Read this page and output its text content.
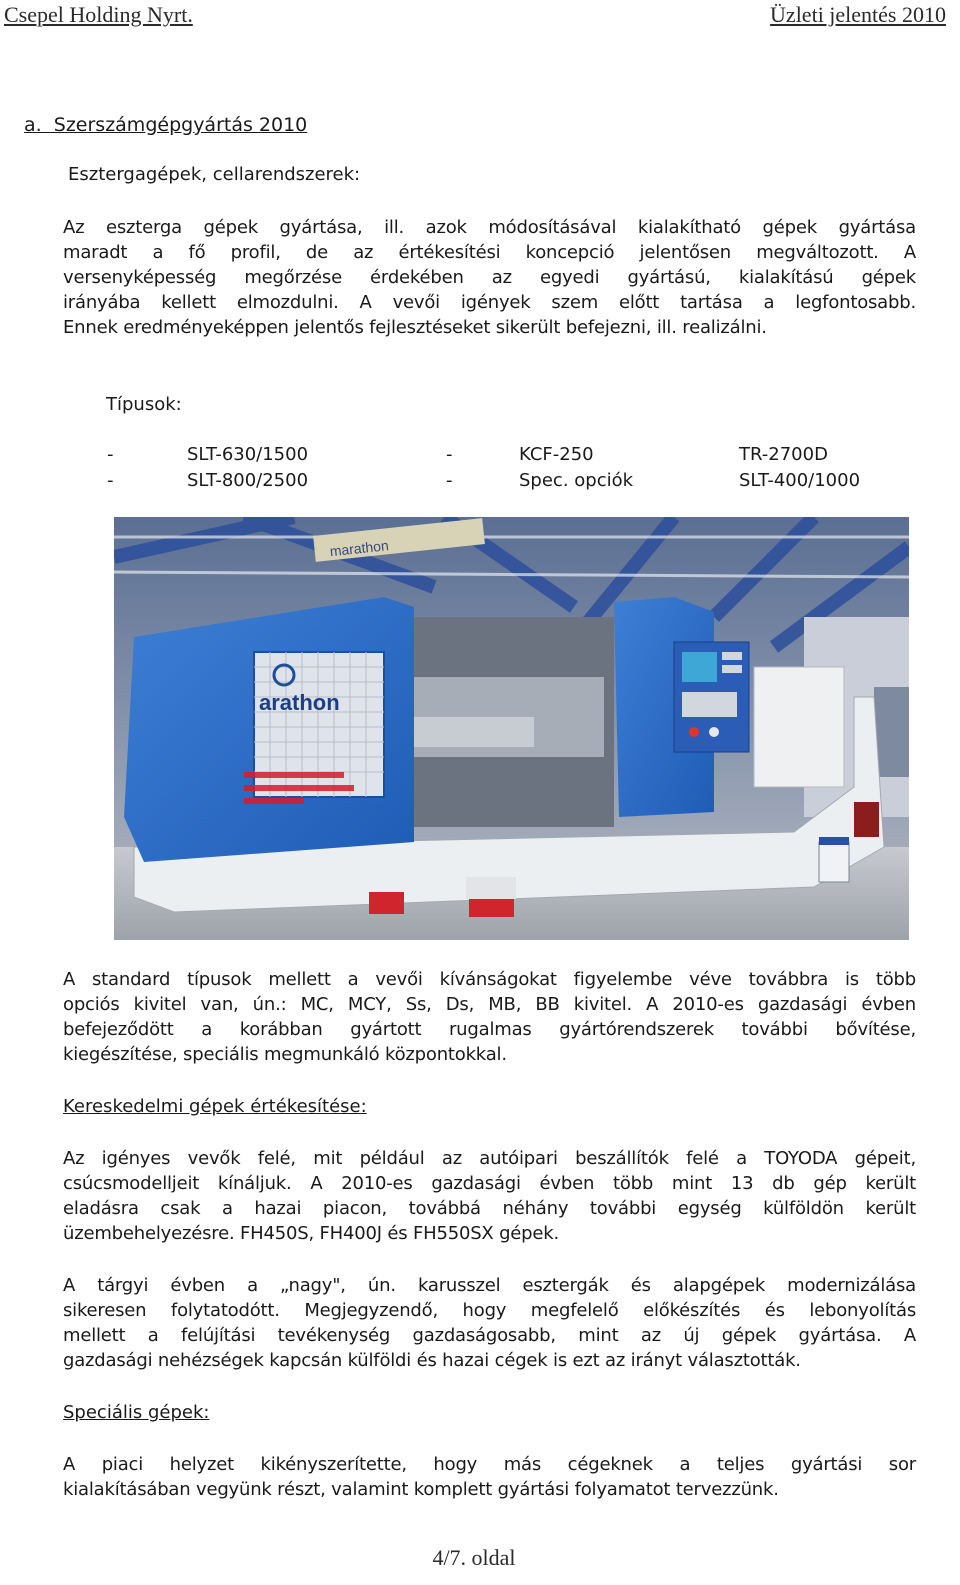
Csepel Holding Nyrt.	Üzleti jelentés 2010
a.  Szerszámgépgyártás 2010
Esztergagépek, cellarendszerek:
Az eszterga gépek gyártása, ill. azok módosításával kialakítható gépek gyártása
maradt a fő profil, de az értékesítési koncepció jelentősen megváltozott. A
versenyképesség megőrzése érdekében az egyedi gyártású, kialakítású gépek
irányába kellett elmozdulni. A vevői igények szem előtt tartása a legfontosabb.
Ennek eredményeképpen jelentős fejlesztéseket sikerült befejezni, ill. realizálni.
Típusok:
-	SLT-630/1500	-	KCF-250	TR-2700D
-	SLT-800/2500	-	Spec. opciók	SLT-400/1000
marathon
arathon
A standard típusok mellett a vevői kívánságokat figyelembe véve továbbra is több
opciós kivitel van, ún.: MC, MCY, Ss, Ds, MB, BB kivitel. A 2010-es gazdasági évben
befejeződött a korábban gyártott rugalmas gyártórendszerek további bővítése,
kiegészítése, speciális megmunkáló központokkal.
Kereskedelmi gépek értékesítése:
Az igényes vevők felé, mit például az autóipari beszállítók felé a TOYODA gépeit,
csúcsmodelljeit kínáljuk. A 2010-es gazdasági évben több mint 13 db gép került
eladásra csak a hazai piacon, továbbá néhány további egység külföldön került
üzembehelyezésre. FH450S, FH400J és FH550SX gépek.
A tárgyi évben a „nagy", ún. karusszel esztergák és alapgépek modernizálása
sikeresen folytatodótt. Megjegyzendő, hogy megfelelő előkészítés és lebonyolítás
mellett a felújítási tevékenység gazdaságosabb, mint az új gépek gyártása. A
gazdasági nehézségek kapcsán külföldi és hazai cégek is ezt az irányt választották.
Speciális gépek:
A piaci helyzet kikényszerítette, hogy más cégeknek a teljes gyártási sor
kialakításában vegyünk részt, valamint komplett gyártási folyamatot tervezzünk.
4/7. oldal
